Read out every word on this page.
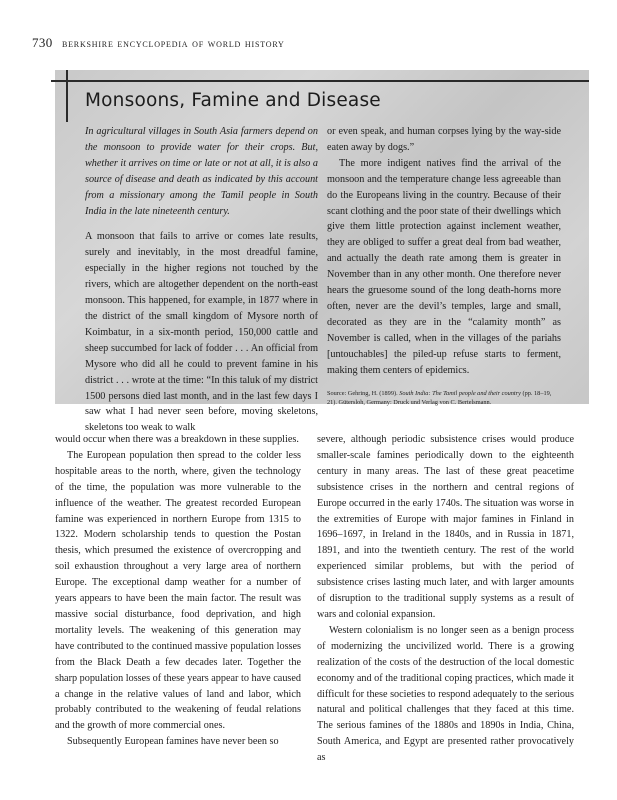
730 berkshire encyclopedia of world history
Monsoons, Famine and Disease

In agricultural villages in South Asia farmers depend on the monsoon to provide water for their crops. But, whether it arrives on time or late or not at all, it is also a source of disease and death as indicated by this account from a missionary among the Tamil people in South India in the late nineteenth century.

A monsoon that fails to arrive or comes late results, surely and inevitably, in the most dreadful famine, especially in the higher regions not touched by the rivers, which are altogether dependent on the north-east monsoon. This happened, for example, in 1877 where in the district of the small kingdom of Mysore north of Koimbatur, in a six-month period, 150,000 cattle and sheep succumbed for lack of fodder . . . An official from Mysore who did all he could to prevent famine in his district . . . wrote at the time: “In this taluk of my district 1500 persons died last month, and in the last few days I saw what I had never seen before, moving skeletons, skeletons too weak to walk

or even speak, and human corpses lying by the way-side eaten away by dogs.”

The more indigent natives find the arrival of the monsoon and the temperature change less agreeable than do the Europeans living in the country. Because of their scant clothing and the poor state of their dwellings which give them little protection against inclement weather, they are obliged to suffer a great deal from bad weather, and actually the death rate among them is greater in November than in any other month. One therefore never hears the gruesome sound of the long death-horns more often, never are the devil’s temples, large and small, decorated as they are in the “calamity month” as November is called, when in the villages of the pariahs [untouchables] the piled-up refuse starts to ferment, making them centers of epidemics.

Source: Gehring, H. (1899). South India: The Tamil people and their country (pp. 18–19, 21). Gütersloh, Germany: Druck und Verlag von C. Bertelsmann.

would occur when there was a breakdown in these supplies.

The European population then spread to the colder less hospitable areas to the north, where, given the technology of the time, the population was more vulnerable to the influence of the weather. The greatest recorded European famine was experienced in northern Europe from 1315 to 1322. Modern scholarship tends to question the Postan thesis, which presumed the existence of overcropping and soil exhaustion throughout a very large area of northern Europe. The exceptional damp weather for a number of years appears to have been the main factor. The result was massive social disturbance, food deprivation, and high mortality levels. The weakening of this generation may have contributed to the continued massive population losses from the Black Death a few decades later. Together the sharp population losses of these years appear to have caused a change in the relative values of land and labor, which probably contributed to the weakening of feudal relations and the growth of more commercial ones.

Subsequently European famines have never been so

severe, although periodic subsistence crises would produce smaller-scale famines periodically down to the eighteenth century in many areas. The last of these great peacetime subsistence crises in the northern and central regions of Europe occurred in the early 1740s. The situation was worse in the extremities of Europe with major famines in Finland in 1696–1697, in Ireland in the 1840s, and in Russia in 1871, 1891, and into the twentieth century. The rest of the world experienced similar problems, but with the period of subsistence crises lasting much later, and with larger amounts of disruption to the traditional supply systems as a result of wars and colonial expansion.

Western colonialism is no longer seen as a benign process of modernizing the uncivilized world. There is a growing realization of the costs of the destruction of the local domestic economy and of the traditional coping practices, which made it difficult for these societies to respond adequately to the serious natural and political challenges that they faced at this time. The serious famines of the 1880s and 1890s in India, China, South America, and Egypt are presented rather provocatively as
